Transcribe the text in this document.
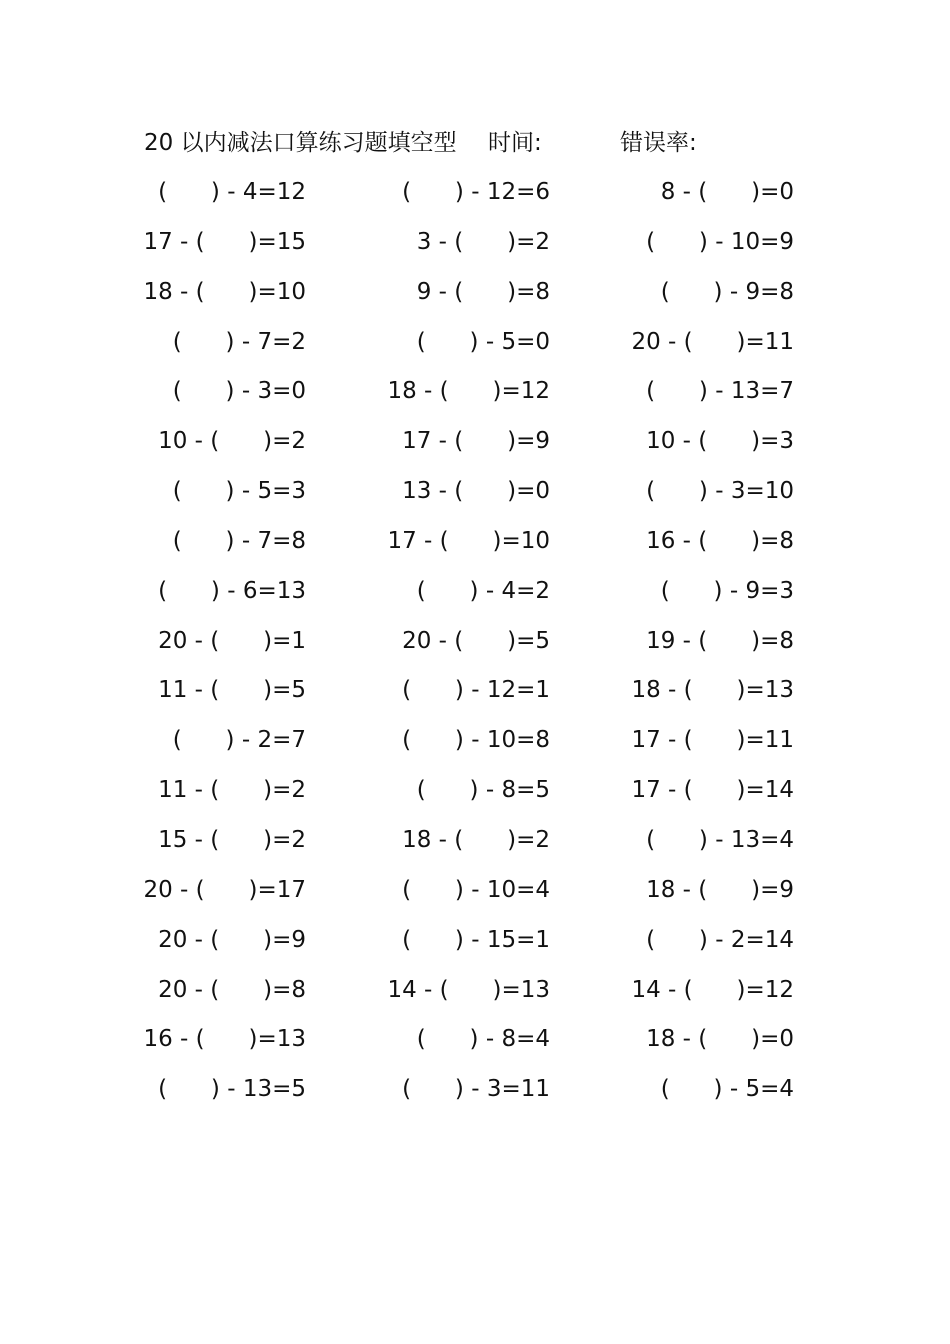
20 以内减法口算练习题填空型 时间:	错误率:
(      ) - 4=12	(      ) - 12=6	8 - (      )=0
17 - (      )=15	3 - (      )=2	(      ) - 10=9
18 - (      )=10	9 - (      )=8	(      ) - 9=8
(      ) - 7=2	(      ) - 5=0	20 - (      )=11
(      ) - 3=0	18 - (      )=12	(      ) - 13=7
10 - (      )=2	17 - (      )=9	10 - (      )=3
(      ) - 5=3	13 - (      )=0	(      ) - 3=10
(      ) - 7=8	17 - (      )=10	16 - (      )=8
(      ) - 6=13	(      ) - 4=2	(      ) - 9=3
20 - (      )=1	20 - (      )=5	19 - (      )=8
11 - (      )=5	(      ) - 12=1	18 - (      )=13
(      ) - 2=7	(      ) - 10=8	17 - (      )=11
11 - (      )=2	(      ) - 8=5	17 - (      )=14
15 - (      )=2	18 - (      )=2	(      ) - 13=4
20 - (      )=17	(      ) - 10=4	18 - (      )=9
20 - (      )=9	(      ) - 15=1	(      ) - 2=14
20 - (      )=8	14 - (      )=13	14 - (      )=12
16 - (      )=13	(      ) - 8=4	18 - (      )=0
(      ) - 13=5	(      ) - 3=11	(      ) - 5=4
